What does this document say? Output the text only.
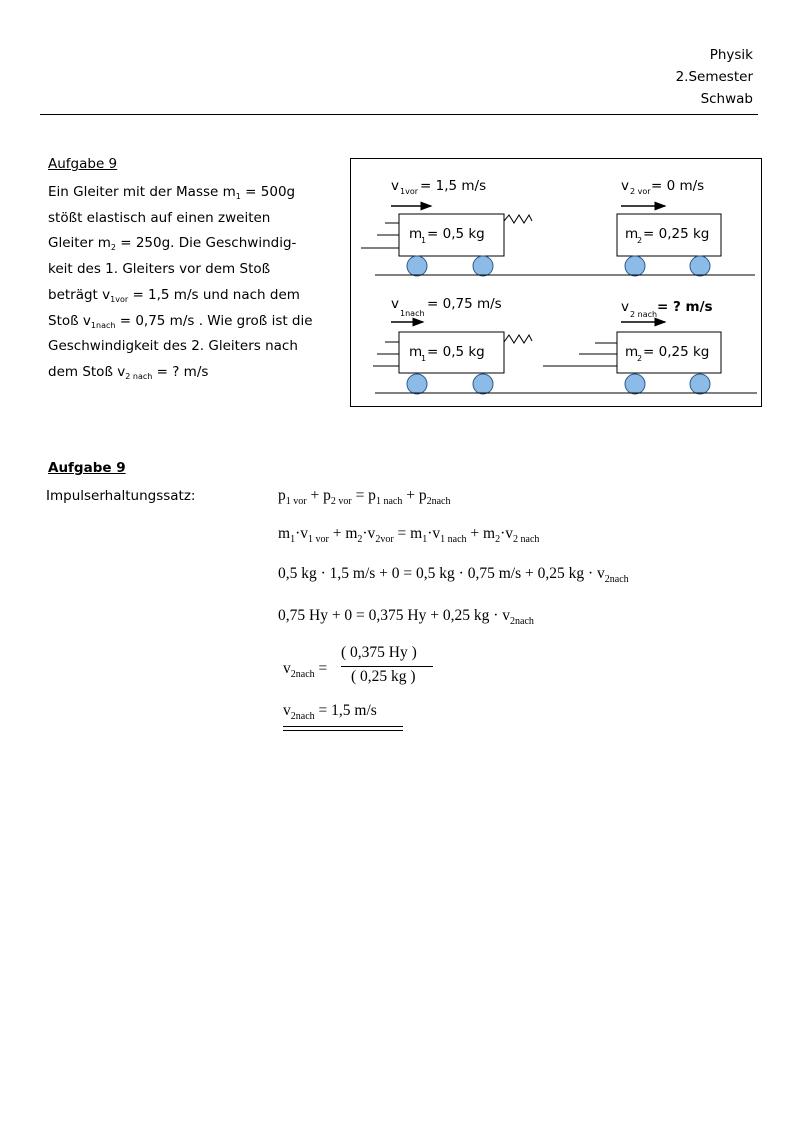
Physik
2.Semester
Schwab
Aufgabe 9
Ein Gleiter mit der Masse $m_1 = 500g$
stößt elastisch auf einen zweiten
Gleiter $m_2 = 250g$. Die Geschwindig-
keit des 1. Gleiters vor dem Stoß
beträgt $v_{1vor} = 1,5$ m/s und nach dem
Stoß $v_{1nach} = 0,75$ m/s . Wie groß ist die
Geschwindigkeit des 2. Gleiters nach
dem Stoß $v_{2 nach}$ = ? m/s
v 1vor = 1,5 m/s
m
1 = 0,5 kg
v 2 vor = 0 m/s
m
2 = 0,25 kg
v
1nach
= 0,75 m/s
m
1 = 0,5 kg
v 2 nach = ? m/s
m
2 = 0,25 kg
Aufgabe 9
Impulserhaltungssatz:	$p_{1 vor} + p_{2 vor} = p_{1 nach} + p_{2nach}$
$m_1\cdot v_{1 vor} + m_2\cdot v_{2vor} = m_1\cdot v_{1 nach} + m_2\cdot v_{2 nach}$
0,5 kg · 1,5 m/s + 0 = 0,5 kg · 0,75 m/s + 0,25 kg · $v_{2nach}$
0,75 Hy + 0 = 0,375 Hy + 0,25 kg · $v_{2nach}$
$v_{2nach}$ =
( 0,375 Hy )
( 0,25 kg )
$v_{2nach} = 1,5$ m/s
